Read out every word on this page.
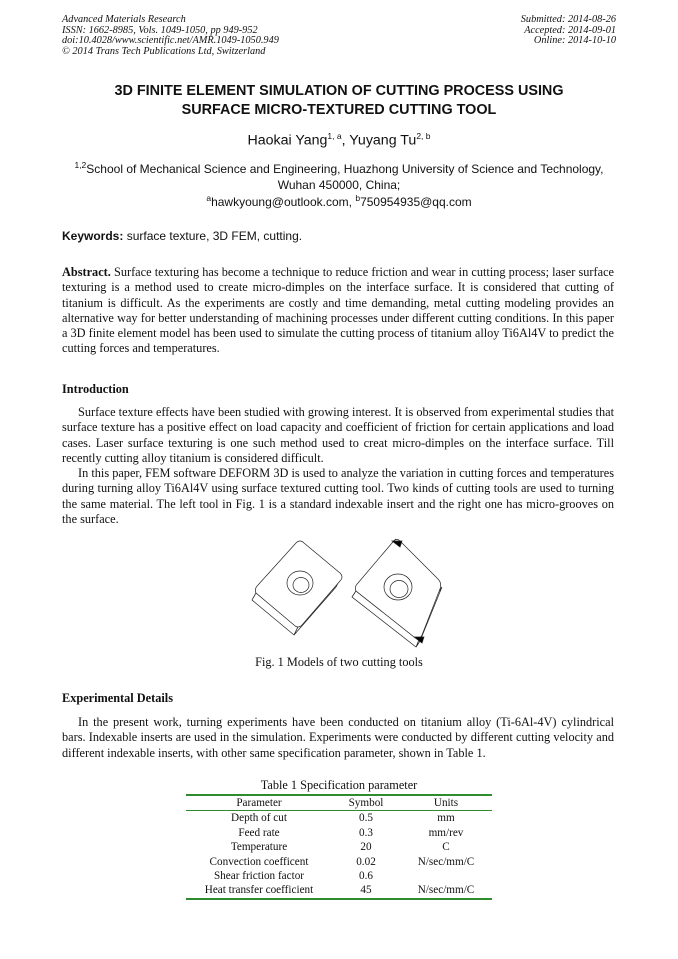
Advanced Materials Research
ISSN: 1662-8985, Vols. 1049-1050, pp 949-952
doi:10.4028/www.scientific.net/AMR.1049-1050.949
© 2014 Trans Tech Publications Ltd, Switzerland
Submitted: 2014-08-26
Accepted: 2014-09-01
Online: 2014-10-10
3D FINITE ELEMENT SIMULATION OF CUTTING PROCESS USING
SURFACE MICRO-TEXTURED CUTTING TOOL
Haokai Yang$^{1, a}$, Yuyang Tu$^{2, b}$
$^{1,2}$School of Mechanical Science and Engineering, Huazhong University of Science and Technology,
Wuhan 450000, China;
$^a$hawkyoung@outlook.com, $^b$750954935@qq.com
Keywords: surface texture, 3D FEM, cutting.
Abstract. Surface texturing has become a technique to reduce friction and wear in cutting process; laser surface texturing is a method used to create micro-dimples on the interface surface. It is considered that cutting of titanium is difficult. As the experiments are costly and time demanding, metal cutting modeling provides an alternative way for better understanding of machining processes under different cutting conditions. In this paper a 3D finite element model has been used to simulate the cutting process of titanium alloy Ti6Al4V to predict the cutting forces and temperatures.
Introduction
Surface texture effects have been studied with growing interest. It is observed from experimental studies that surface texture has a positive effect on load capacity and coefficient of friction for certain applications and load cases. Laser surface texturing is one such method used to creat micro-dimples on the interface surface. Till recently cutting alloy titanium is considered difficult.
In this paper, FEM software DEFORM 3D is used to analyze the variation in cutting forces and temperatures during turning alloy Ti6Al4V using surface textured cutting tool. Two kinds of cutting tools are used to turning the same material. The left tool in Fig. 1 is a standard indexable insert and the right one has micro-grooves on the surface.
Fig. 1 Models of two cutting tools
Experimental Details
In the present work, turning experiments have been conducted on titanium alloy (Ti-6Al-4V) cylindrical bars. Indexable inserts are used in the simulation. Experiments were conducted by different cutting velocity and different indexable inserts, with other same specification parameter, shown in Table 1.
Table 1 Specification parameter
Parameter	Symbol	Units
Depth of cut	0.5	mm
Feed rate	0.3	mm/rev
Temperature	20	C
Convection coefficent	0.02	N/sec/mm/C
Shear friction factor	0.6	
Heat transfer coefficient	45	N/sec/mm/C
